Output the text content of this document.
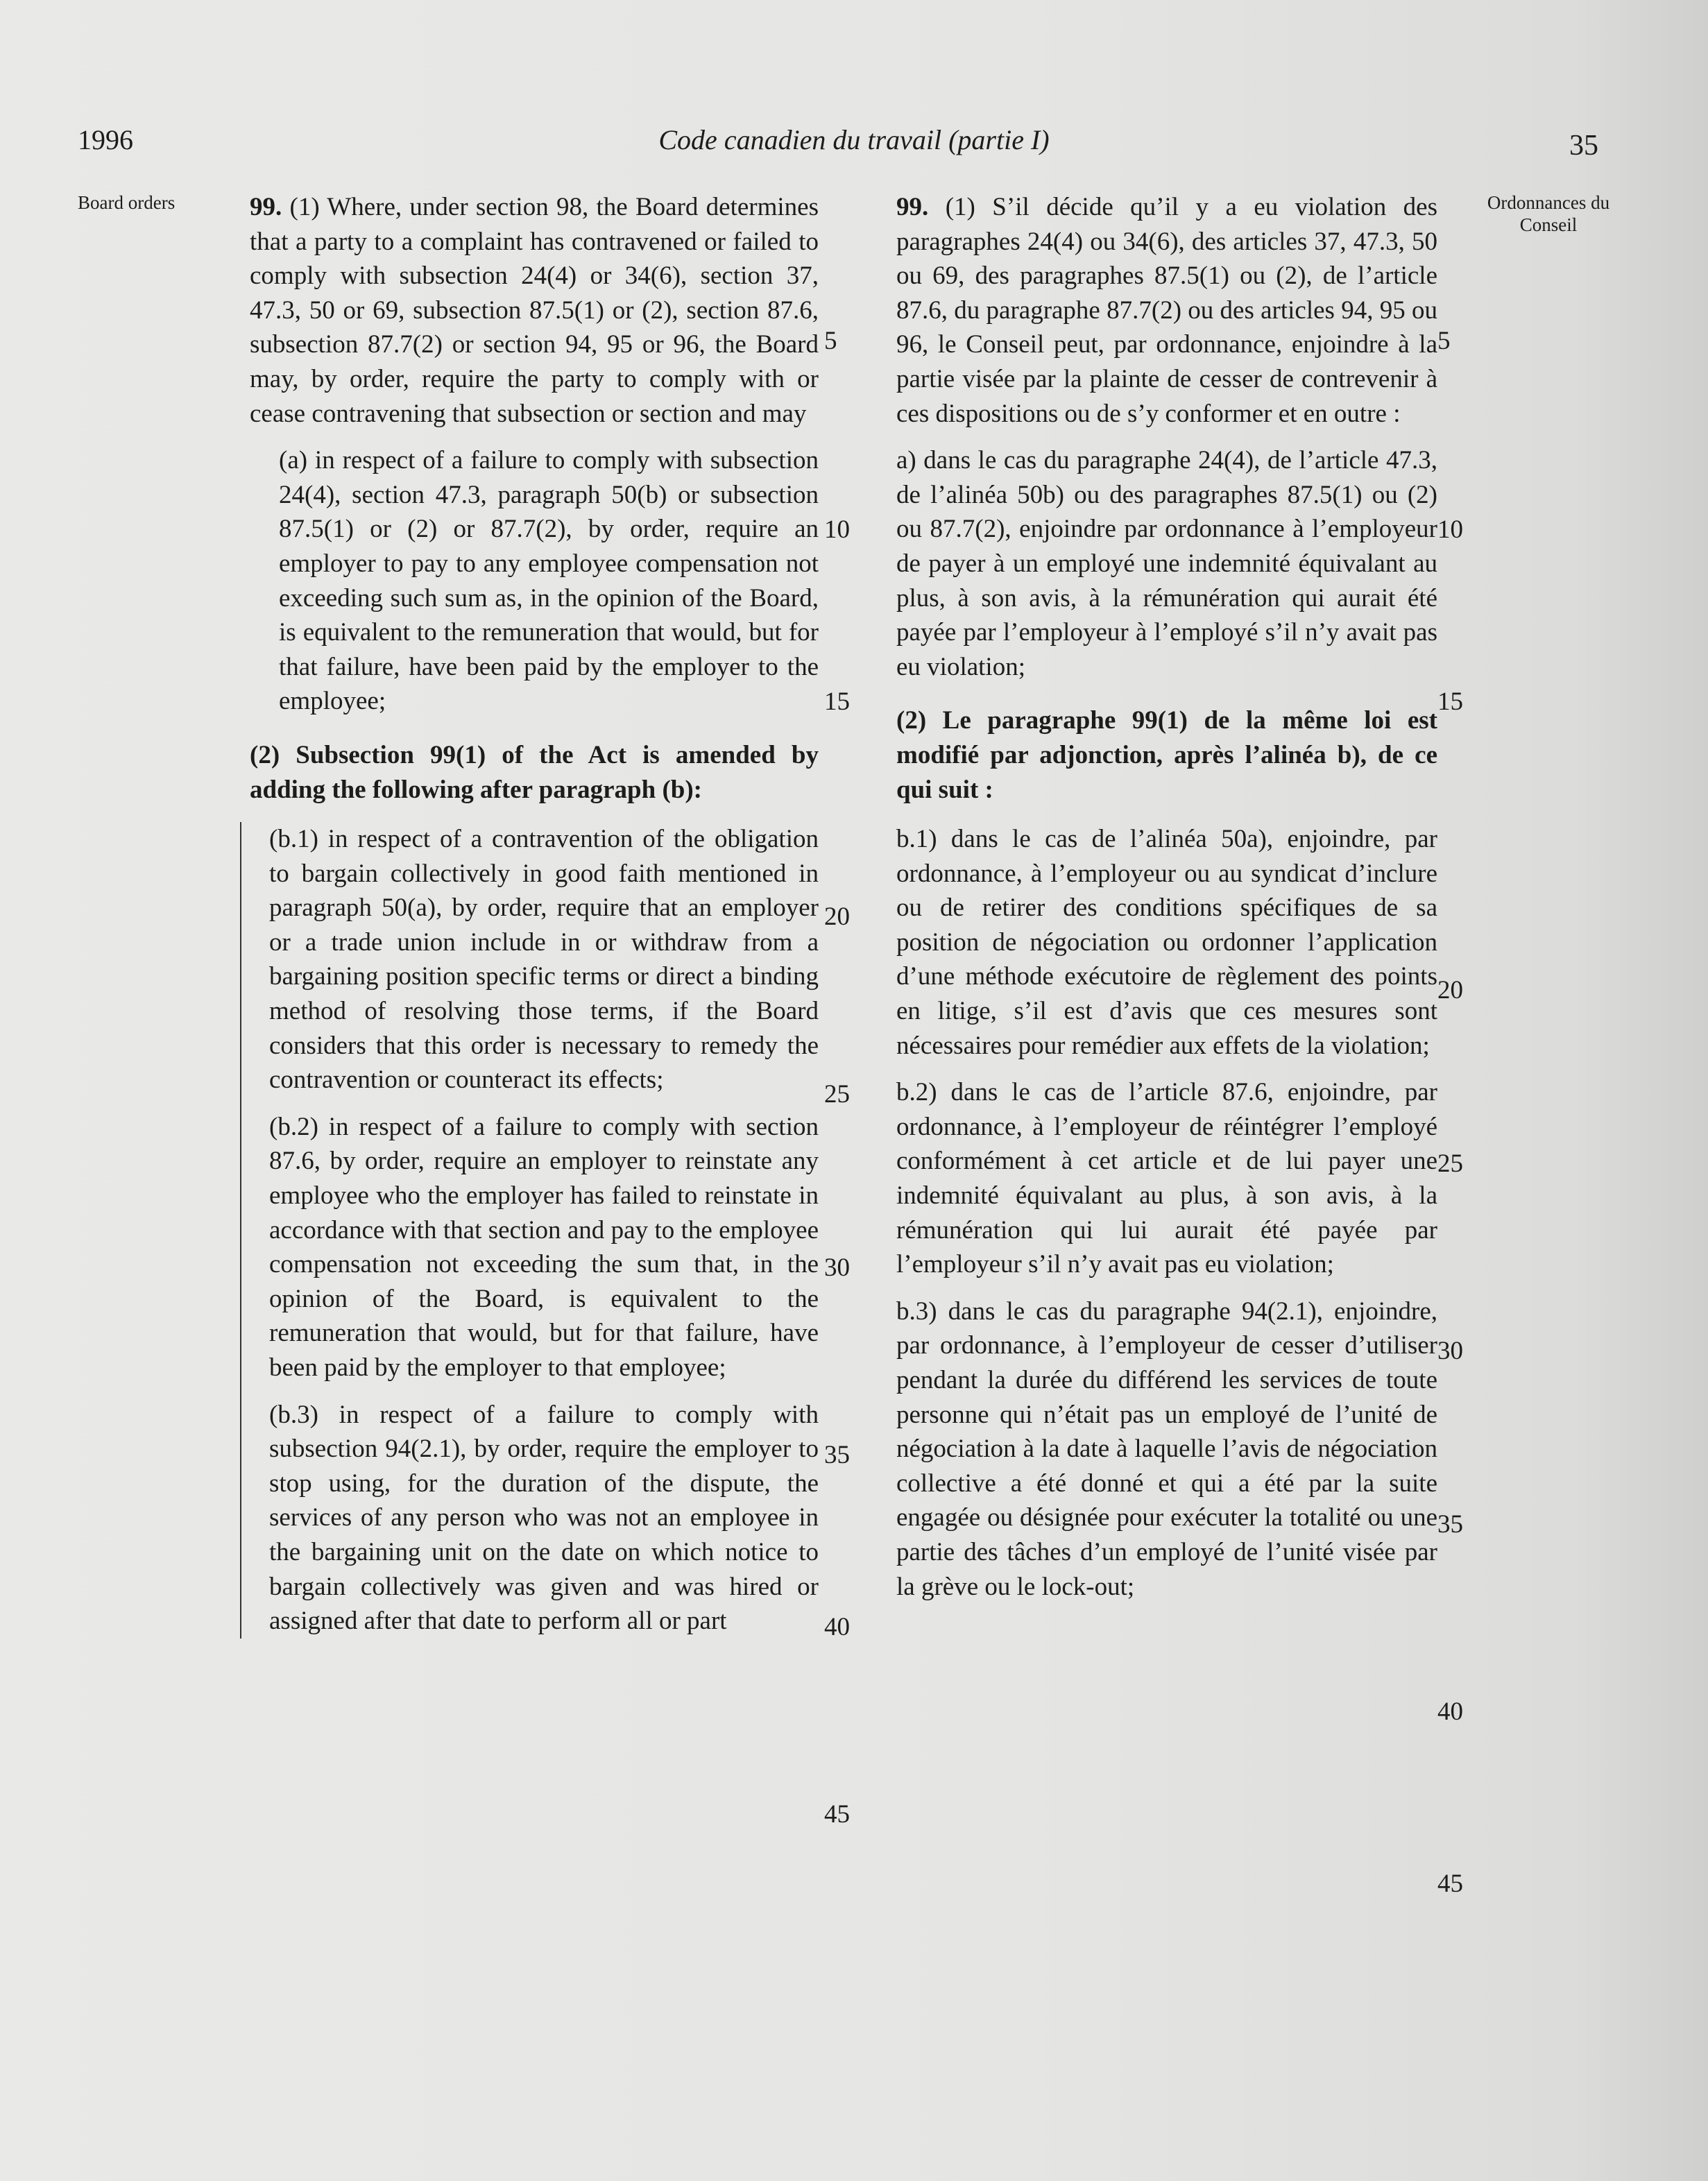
1996	Code canadien du travail (partie I)	35
Board orders	Ordonnances du Conseil

99. (1) Where, under section 98, the Board determines that a party to a complaint has contravened or failed to comply with subsection 24(4) or 34(6), section 37, 47.3, 50 or 69, subsection 87.5(1) or (2), section 87.6, subsection 87.7(2) or section 94, 95 or 96, the Board may, by order, require the party to comply with or cease contravening that subsection or section and may

(a) in respect of a failure to comply with subsection 24(4), section 47.3, paragraph 50(b) or subsection 87.5(1) or (2) or 87.7(2), by order, require an employer to pay to any employee compensation not exceeding such sum as, in the opinion of the Board, is equivalent to the remuneration that would, but for that failure, have been paid by the employer to the employee;

(2) Subsection 99(1) of the Act is amended by adding the following after paragraph (b):

(b.1) in respect of a contravention of the obligation to bargain collectively in good faith mentioned in paragraph 50(a), by order, require that an employer or a trade union include in or withdraw from a bargaining position specific terms or direct a binding method of resolving those terms, if the Board considers that this order is necessary to remedy the contravention or counteract its effects;

(b.2) in respect of a failure to comply with section 87.6, by order, require an employer to reinstate any employee who the employer has failed to reinstate in accordance with that section and pay to the employee compensation not exceeding the sum that, in the opinion of the Board, is equivalent to the remuneration that would, but for that failure, have been paid by the employer to that employee;

(b.3) in respect of a failure to comply with subsection 94(2.1), by order, require the employer to stop using, for the duration of the dispute, the services of any person who was not an employee in the bargaining unit on the date on which notice to bargain collectively was given and was hired or assigned after that date to perform all or part

99. (1) S’il décide qu’il y a eu violation des paragraphes 24(4) ou 34(6), des articles 37, 47.3, 50 ou 69, des paragraphes 87.5(1) ou (2), de l’article 87.6, du paragraphe 87.7(2) ou des articles 94, 95 ou 96, le Conseil peut, par ordonnance, enjoindre à la partie visée par la plainte de cesser de contrevenir à ces dispositions ou de s’y conformer et en outre :

a) dans le cas du paragraphe 24(4), de l’article 47.3, de l’alinéa 50b) ou des paragraphes 87.5(1) ou (2) ou 87.7(2), enjoindre par ordonnance à l’employeur de payer à un employé une indemnité équivalant au plus, à son avis, à la rémunération qui aurait été payée par l’employeur à l’employé s’il n’y avait pas eu violation;

(2) Le paragraphe 99(1) de la même loi est modifié par adjonction, après l’alinéa b), de ce qui suit :

b.1) dans le cas de l’alinéa 50a), enjoindre, par ordonnance, à l’employeur ou au syndicat d’inclure ou de retirer des conditions spécifiques de sa position de négociation ou ordonner l’application d’une méthode exécutoire de règlement des points en litige, s’il est d’avis que ces mesures sont nécessaires pour remédier aux effets de la violation;

b.2) dans le cas de l’article 87.6, enjoindre, par ordonnance, à l’employeur de réintégrer l’employé conformément à cet article et de lui payer une indemnité équivalant au plus, à son avis, à la rémunération qui lui aurait été payée par l’employeur s’il n’y avait pas eu violation;

b.3) dans le cas du paragraphe 94(2.1), enjoindre, par ordonnance, à l’employeur de cesser d’utiliser pendant la durée du différend les services de toute personne qui n’était pas un employé de l’unité de négociation à la date à laquelle l’avis de négociation collective a été donné et qui a été par la suite engagée ou désignée pour exécuter la totalité ou une partie des tâches d’un employé de l’unité visée par la grève ou le lock-out;

5
10
15
20
25
30
35
40
45
5
10
15
20
25
30
35
40
45
